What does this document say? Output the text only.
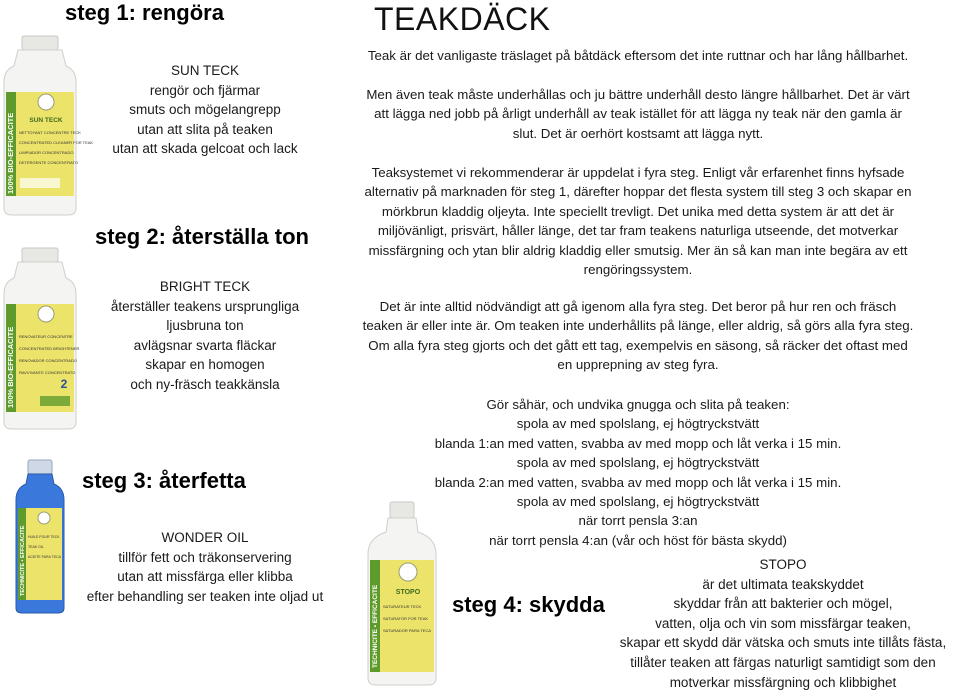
TEAKDÄCK
steg 1: rengöra
100% BIO-EFFICACITE SUN TECK
NETTOYANT CONCENTRE TECK
CONCENTRATED CLEANER FOR TEAK
LIMPIADOR CONCENTRADO
DETERGENTE CONCENTRATO
SUN TECK
rengör och fjärmar
smuts och mögelangrepp
utan att slita på teaken
utan att skada gelcoat och lack
steg 2: återställa ton
100% BIO-EFFICACITE RENOVATEUR CONCENTRE
CONCENTRATED BRIGHTENER
RENOVADOR CONCENTRADO
RAVVIVANTE CONCENTRATO
2
BRIGHT TECK
återställer teakens ursprungliga
ljusbruna ton
avlägsnar svarta fläckar
skapar en homogen
och ny-fräsch teakkänsla
steg 3: återfetta
TECHNICITE • EFFICACITE HUILE POUR TECK
TEAK OIL
ACEITE PARA TECA
WONDER OIL
tillför fett och träkonservering
utan att missfärga eller klibba
efter behandling ser teaken inte oljad ut	TECHNICITE • EFFICACITE STOPO
SATURATEUR TECK
SATURATOR FOR TEAK
SATURADOR PARA TECA
steg 4: skydda
STOPO
är det ultimata teakskyddet
skyddar från att bakterier och mögel,
vatten, olja och vin som missfärgar teaken,
skapar ett skydd där vätska och smuts inte tillåts fästa,
tillåter teaken att färgas naturligt samtidigt som den
motverkar missfärgning och klibbighet
Teak är det vanligaste träslaget på båtdäck eftersom det inte ruttnar och har lång hållbarhet.
Men även teak måste underhållas och ju bättre underhåll desto längre hållbarhet. Det är värt
att lägga ned jobb på årligt underhåll av teak istället för att lägga ny teak när den gamla är
slut. Det är oerhört kostsamt att lägga nytt.
Teaksystemet vi rekommenderar är uppdelat i fyra steg. Enligt vår erfarenhet finns hyfsade
alternativ på marknaden för steg 1, därefter hoppar det flesta system till steg 3 och skapar en
mörkbrun kladdig oljeyta. Inte speciellt trevligt. Det unika med detta system är att det är
miljövänligt, prisvärt, håller länge, det tar fram teakens naturliga utseende, det motverkar
missfärgning och ytan blir aldrig kladdig eller smutsig. Mer än så kan man inte begära av ett
rengöringssystem.
Det är inte alltid nödvändigt att gå igenom alla fyra steg. Det beror på hur ren och fräsch
teaken är eller inte är. Om teaken inte underhållits på länge, eller aldrig, så görs alla fyra steg.
Om alla fyra steg gjorts och det gått ett tag, exempelvis en säsong, så räcker det oftast med
en upprepning av steg fyra.
Gör såhär, och undvika gnugga och slita på teaken:
spola av med spolslang, ej högtryckstvätt
blanda 1:an med vatten, svabba av med mopp och låt verka i 15 min.
spola av med spolslang, ej högtryckstvätt
blanda 2:an med vatten, svabba av med mopp och låt verka i 15 min.
spola av med spolslang, ej högtryckstvätt
när torrt pensla 3:an
när torrt pensla 4:an (vår och höst för bästa skydd)
